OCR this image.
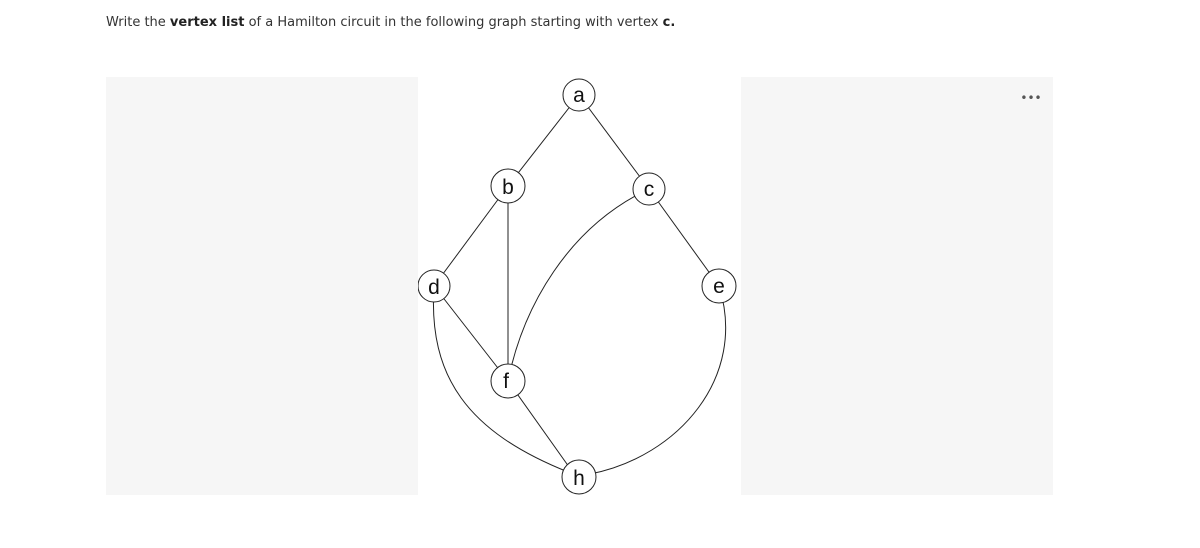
Write the vertex list of a Hamilton circuit in the following graph starting with vertex c.
a
b	c
d	e
f
h
•••
